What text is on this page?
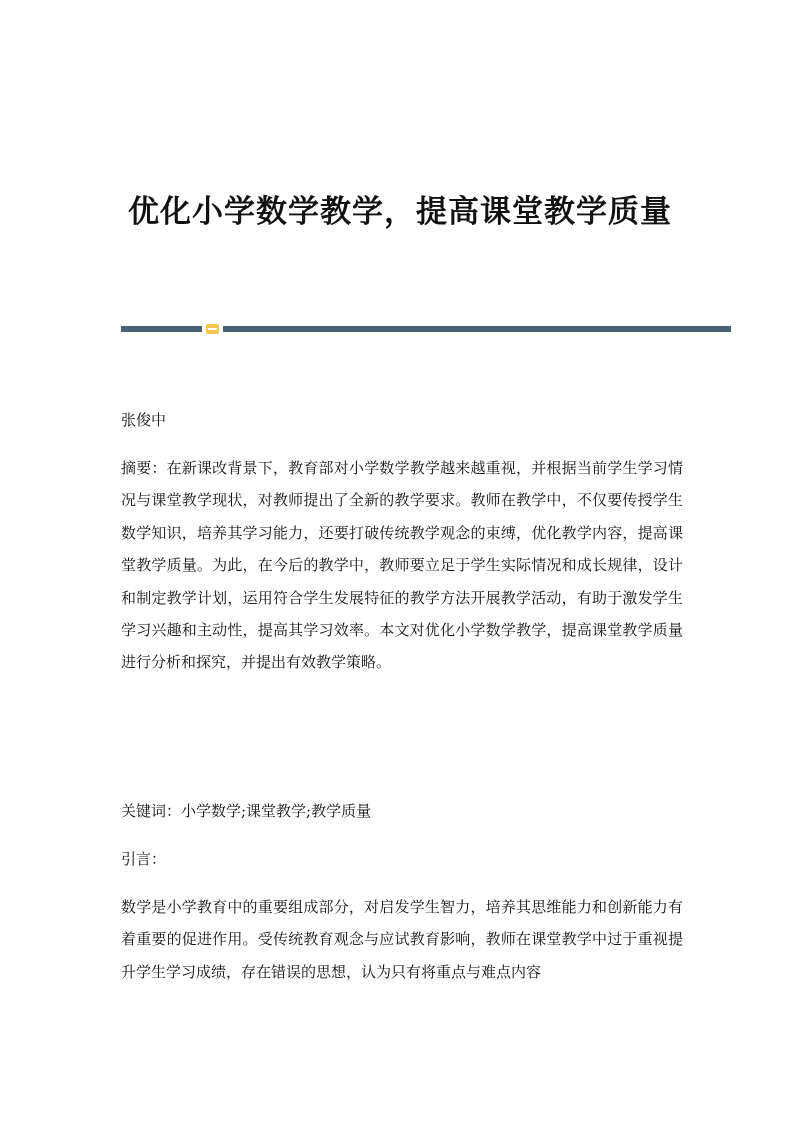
优化小学数学教学，提高课堂教学质量
张俊中
摘要：在新课改背景下，教育部对小学数学教学越来越重视，并根据当前学生学习情况与课堂教学现状，对教师提出了全新的教学要求。教师在教学中，不仅要传授学生数学知识，培养其学习能力，还要打破传统教学观念的束缚，优化教学内容，提高课堂教学质量。为此，在今后的教学中，教师要立足于学生实际情况和成长规律，设计和制定教学计划，运用符合学生发展特征的教学方法开展教学活动，有助于激发学生学习兴趣和主动性，提高其学习效率。本文对优化小学数学教学，提高课堂教学质量进行分析和探究，并提出有效教学策略。
关键词：小学数学;课堂教学;教学质量
引言：
数学是小学教育中的重要组成部分，对启发学生智力，培养其思维能力和创新能力有着重要的促进作用。受传统教育观念与应试教育影响，教师在课堂教学中过于重视提升学生学习成绩，存在错误的思想，认为只有将重点与难点内容
